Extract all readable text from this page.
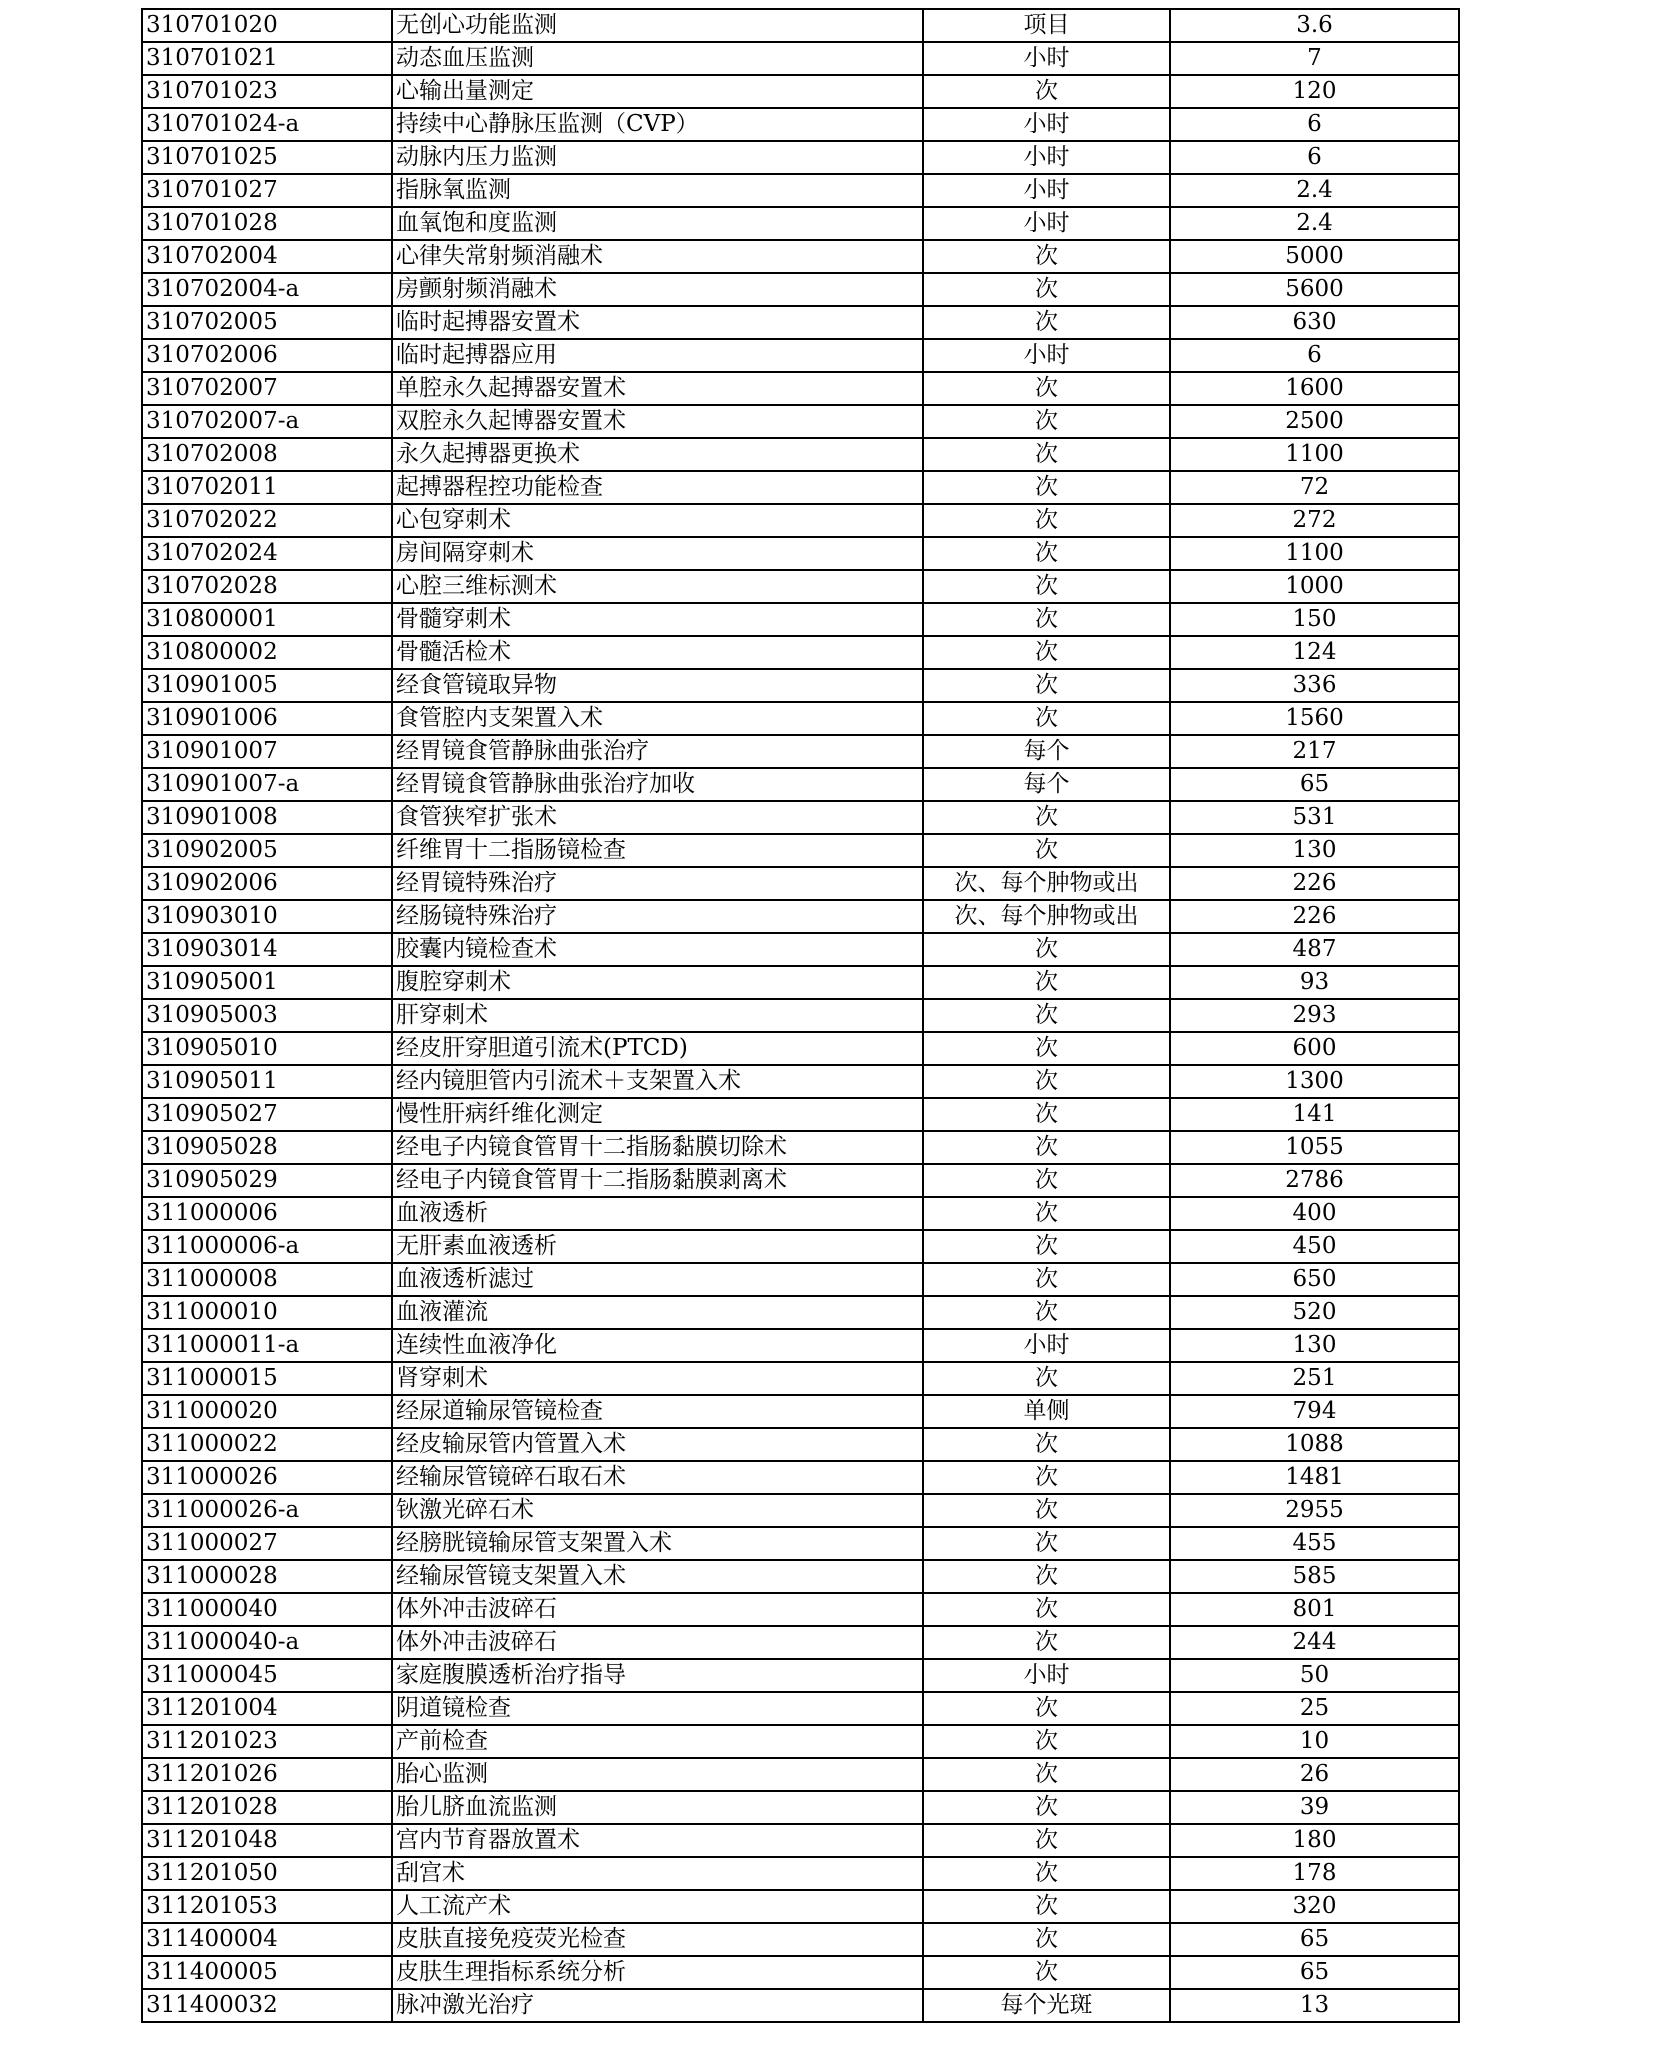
310701020	无创心功能监测	项目	3.6
310701021	动态血压监测	小时	7
310701023	心输出量测定	次	120
310701024-a	持续中心静脉压监测（CVP）	小时	6
310701025	动脉内压力监测	小时	6
310701027	指脉氧监测	小时	2.4
310701028	血氧饱和度监测	小时	2.4
310702004	心律失常射频消融术	次	5000
310702004-a	房颤射频消融术	次	5600
310702005	临时起搏器安置术	次	630
310702006	临时起搏器应用	小时	6
310702007	单腔永久起搏器安置术	次	1600
310702007-a	双腔永久起博器安置术	次	2500
310702008	永久起搏器更换术	次	1100
310702011	起搏器程控功能检查	次	72
310702022	心包穿刺术	次	272
310702024	房间隔穿刺术	次	1100
310702028	心腔三维标测术	次	1000
310800001	骨髓穿刺术	次	150
310800002	骨髓活检术	次	124
310901005	经食管镜取异物	次	336
310901006	食管腔内支架置入术	次	1560
310901007	经胃镜食管静脉曲张治疗	每个	217
310901007-a	经胃镜食管静脉曲张治疗加收	每个	65
310901008	食管狭窄扩张术	次	531
310902005	纤维胃十二指肠镜检查	次	130
310902006	经胃镜特殊治疗	次、每个肿物或出	226
310903010	经肠镜特殊治疗	次、每个肿物或出	226
310903014	胶囊内镜检查术	次	487
310905001	腹腔穿刺术	次	93
310905003	肝穿刺术	次	293
310905010	经皮肝穿胆道引流术(PTCD)	次	600
310905011	经内镜胆管内引流术＋支架置入术	次	1300
310905027	慢性肝病纤维化测定	次	141
310905028	经电子内镜食管胃十二指肠黏膜切除术	次	1055
310905029	经电子内镜食管胃十二指肠黏膜剥离术	次	2786
311000006	血液透析	次	400
311000006-a	无肝素血液透析	次	450
311000008	血液透析滤过	次	650
311000010	血液灌流	次	520
311000011-a	连续性血液净化	小时	130
311000015	肾穿刺术	次	251
311000020	经尿道输尿管镜检查	单侧	794
311000022	经皮输尿管内管置入术	次	1088
311000026	经输尿管镜碎石取石术	次	1481
311000026-a	钬激光碎石术	次	2955
311000027	经膀胱镜输尿管支架置入术	次	455
311000028	经输尿管镜支架置入术	次	585
311000040	体外冲击波碎石	次	801
311000040-a	体外冲击波碎石	次	244
311000045	家庭腹膜透析治疗指导	小时	50
311201004	阴道镜检查	次	25
311201023	产前检查	次	10
311201026	胎心监测	次	26
311201028	胎儿脐血流监测	次	39
311201048	宫内节育器放置术	次	180
311201050	刮宫术	次	178
311201053	人工流产术	次	320
311400004	皮肤直接免疫荧光检查	次	65
311400005	皮肤生理指标系统分析	次	65
311400032	脉冲激光治疗	每个光斑	13
